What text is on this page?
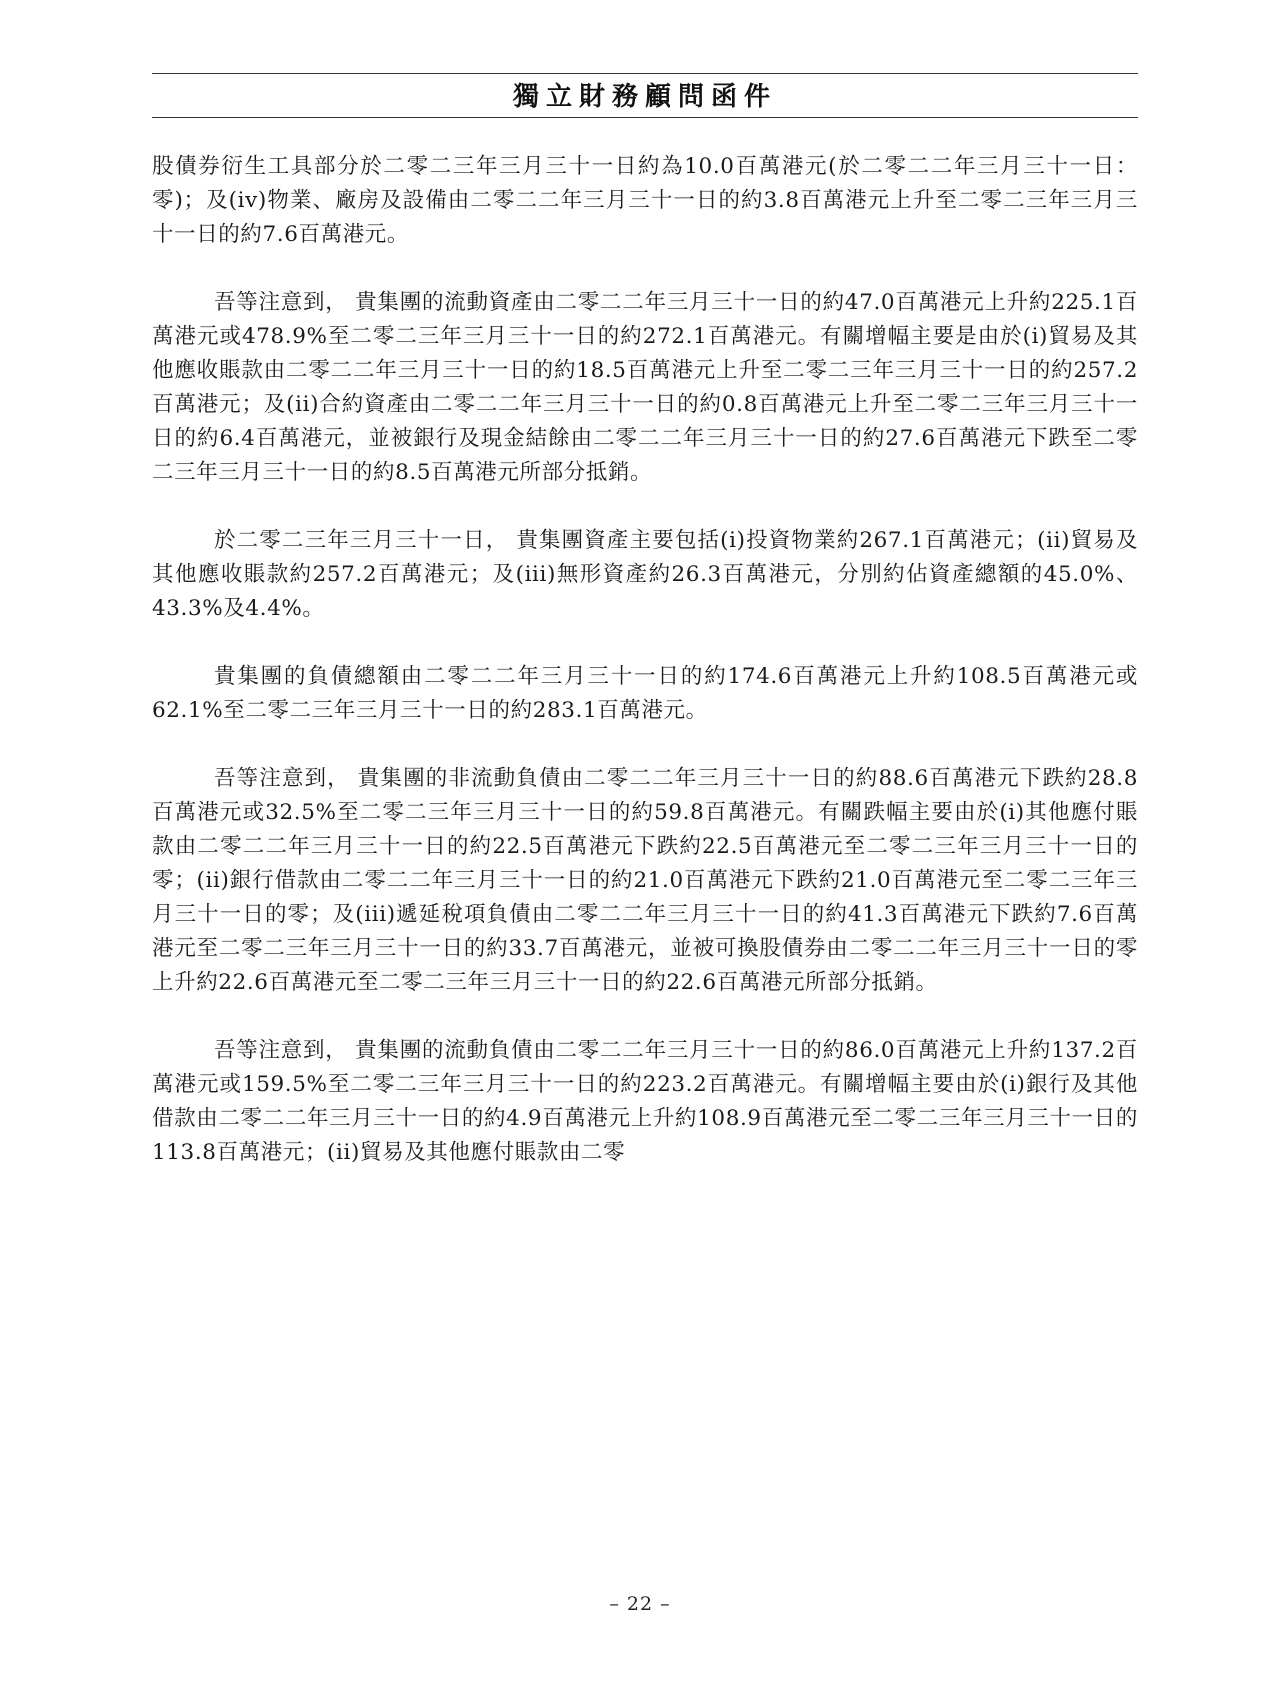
獨立財務顧問函件

股債券衍生工具部分於二零二三年三月三十一日約為10.0百萬港元(於二零二二年三月三十一日：零)；及(iv)物業、廠房及設備由二零二二年三月三十一日的約3.8百萬港元上升至二零二三年三月三十一日的約7.6百萬港元。

吾等注意到， 貴集團的流動資產由二零二二年三月三十一日的約47.0百萬港元上升約225.1百萬港元或478.9%至二零二三年三月三十一日的約272.1百萬港元。有關增幅主要是由於(i)貿易及其他應收賬款由二零二二年三月三十一日的約18.5百萬港元上升至二零二三年三月三十一日的約257.2百萬港元；及(ii)合約資產由二零二二年三月三十一日的約0.8百萬港元上升至二零二三年三月三十一日的約6.4百萬港元，並被銀行及現金結餘由二零二二年三月三十一日的約27.6百萬港元下跌至二零二三年三月三十一日的約8.5百萬港元所部分抵銷。

於二零二三年三月三十一日， 貴集團資產主要包括(i)投資物業約267.1百萬港元；(ii)貿易及其他應收賬款約257.2百萬港元；及(iii)無形資產約26.3百萬港元，分別約佔資產總額的45.0%、43.3%及4.4%。

貴集團的負債總額由二零二二年三月三十一日的約174.6百萬港元上升約108.5百萬港元或62.1%至二零二三年三月三十一日的約283.1百萬港元。

吾等注意到， 貴集團的非流動負債由二零二二年三月三十一日的約88.6百萬港元下跌約28.8百萬港元或32.5%至二零二三年三月三十一日的約59.8百萬港元。有關跌幅主要由於(i)其他應付賬款由二零二二年三月三十一日的約22.5百萬港元下跌約22.5百萬港元至二零二三年三月三十一日的零；(ii)銀行借款由二零二二年三月三十一日的約21.0百萬港元下跌約21.0百萬港元至二零二三年三月三十一日的零；及(iii)遞延稅項負債由二零二二年三月三十一日的約41.3百萬港元下跌約7.6百萬港元至二零二三年三月三十一日的約33.7百萬港元，並被可換股債券由二零二二年三月三十一日的零上升約22.6百萬港元至二零二三年三月三十一日的約22.6百萬港元所部分抵銷。

吾等注意到， 貴集團的流動負債由二零二二年三月三十一日的約86.0百萬港元上升約137.2百萬港元或159.5%至二零二三年三月三十一日的約223.2百萬港元。有關增幅主要由於(i)銀行及其他借款由二零二二年三月三十一日的約4.9百萬港元上升約108.9百萬港元至二零二三年三月三十一日的113.8百萬港元；(ii)貿易及其他應付賬款由二零

– 22 –
